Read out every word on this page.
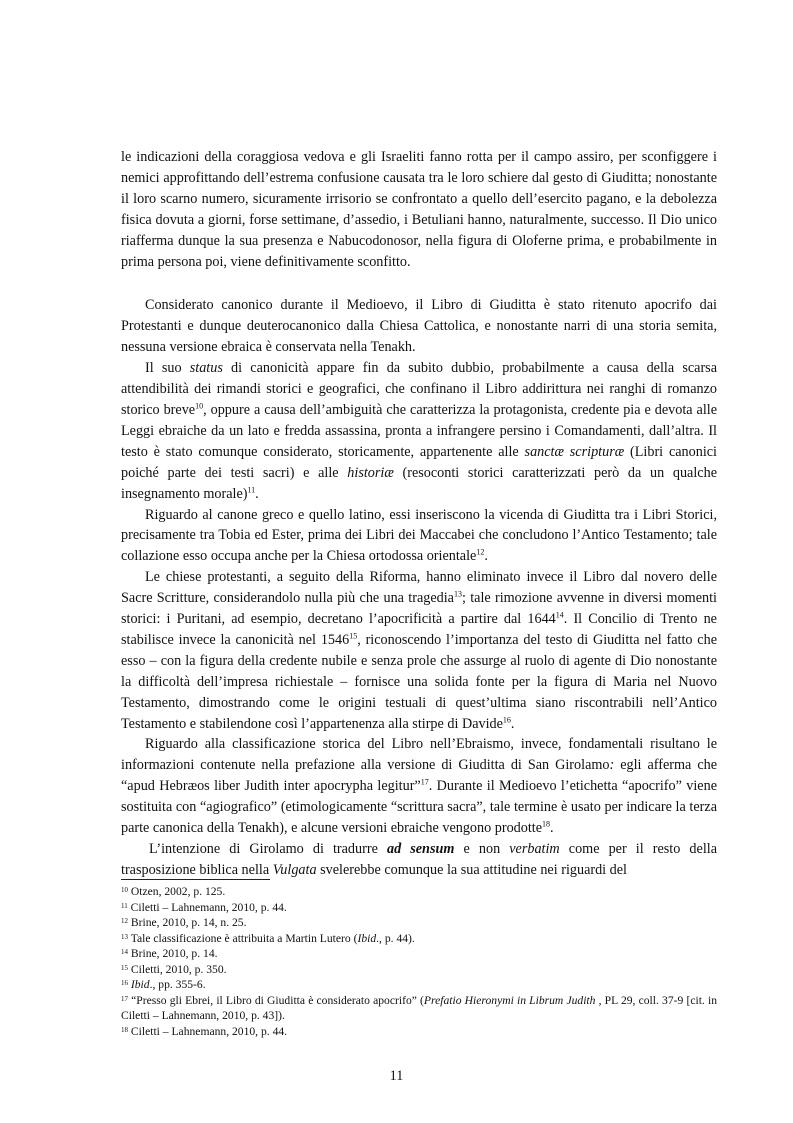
le indicazioni della coraggiosa vedova e gli Israeliti fanno rotta per il campo assiro, per sconfiggere i nemici approfittando dell’estrema confusione causata tra le loro schiere dal gesto di Giuditta; nonostante il loro scarno numero, sicuramente irrisorio se confrontato a quello dell’esercito pagano, e la debolezza fisica dovuta a giorni, forse settimane, d’assedio, i Betuliani hanno, naturalmente, successo. Il Dio unico riafferma dunque la sua presenza e Nabucodonosor, nella figura di Oloferne prima, e probabilmente in prima persona poi, viene definitivamente sconfitto.

Considerato canonico durante il Medioevo, il Libro di Giuditta è stato ritenuto apocrifo dai Protestanti e dunque deuterocanonico dalla Chiesa Cattolica, e nonostante narri di una storia semita, nessuna versione ebraica è conservata nella Tenakh.

Il suo status di canonicità appare fin da subito dubbio, probabilmente a causa della scarsa attendibilità dei rimandi storici e geografici, che confinano il Libro addirittura nei ranghi di romanzo storico breve$^{10}$, oppure a causa dell’ambiguità che caratterizza la protagonista, credente pia e devota alle Leggi ebraiche da un lato e fredda assassina, pronta a infrangere persino i Comandamenti, dall’altra. Il testo è stato comunque considerato, storicamente, appartenente alle sanctæ scripturæ (Libri canonici poiché parte dei testi sacri) e alle historiæ (resoconti storici caratterizzati però da un qualche insegnamento morale)$^{11}$.

Riguardo al canone greco e quello latino, essi inseriscono la vicenda di Giuditta tra i Libri Storici, precisamente tra Tobia ed Ester, prima dei Libri dei Maccabei che concludono l’Antico Testamento; tale collazione esso occupa anche per la Chiesa ortodossa orientale$^{12}$.

Le chiese protestanti, a seguito della Riforma, hanno eliminato invece il Libro dal novero delle Sacre Scritture, considerandolo nulla più che una tragedia$^{13}$; tale rimozione avvenne in diversi momenti storici: i Puritani, ad esempio, decretano l’apocrificità a partire dal 1644$^{14}$. Il Concilio di Trento ne stabilisce invece la canonicità nel 1546$^{15}$, riconoscendo l’importanza del testo di Giuditta nel fatto che esso – con la figura della credente nubile e senza prole che assurge al ruolo di agente di Dio nonostante la difficoltà dell’impresa richiestale – fornisce una solida fonte per la figura di Maria nel Nuovo Testamento, dimostrando come le origini testuali di quest’ultima siano riscontrabili nell’Antico Testamento e stabilendone così l’appartenenza alla stirpe di Davide$^{16}$.

Riguardo alla classificazione storica del Libro nell’Ebraismo, invece, fondamentali risultano le informazioni contenute nella prefazione alla versione di Giuditta di San Girolamo: egli afferma che “apud Hebræos liber Judith inter apocrypha legitur”$^{17}$. Durante il Medioevo l’etichetta “apocrifo” viene sostituita con “agiografico” (etimologicamente “scrittura sacra”, tale termine è usato per indicare la terza parte canonica della Tenakh), e alcune versioni ebraiche vengono prodotte$^{18}$.

L’intenzione di Girolamo di tradurre ad sensum e non verbatim come per il resto della trasposizione biblica nella Vulgata svelerebbe comunque la sua attitudine nei riguardi del

$^{10}$ Otzen, 2002, p. 125.
$^{11}$ Ciletti – Lahnemann, 2010, p. 44.
$^{12}$ Brine, 2010, p. 14, n. 25.
$^{13}$ Tale classificazione è attribuita a Martin Lutero (Ibid., p. 44).
$^{14}$ Brine, 2010, p. 14.
$^{15}$ Ciletti, 2010, p. 350.
$^{16}$ Ibid., pp. 355-6.
$^{17}$ “Presso gli Ebrei, il Libro di Giuditta è considerato apocrifo” (Prefatio Hieronymi in Librum Judith , PL 29, coll. 37-9 [cit. in Ciletti – Lahnemann, 2010, p. 43]).
$^{18}$ Ciletti – Lahnemann, 2010, p. 44.
11
